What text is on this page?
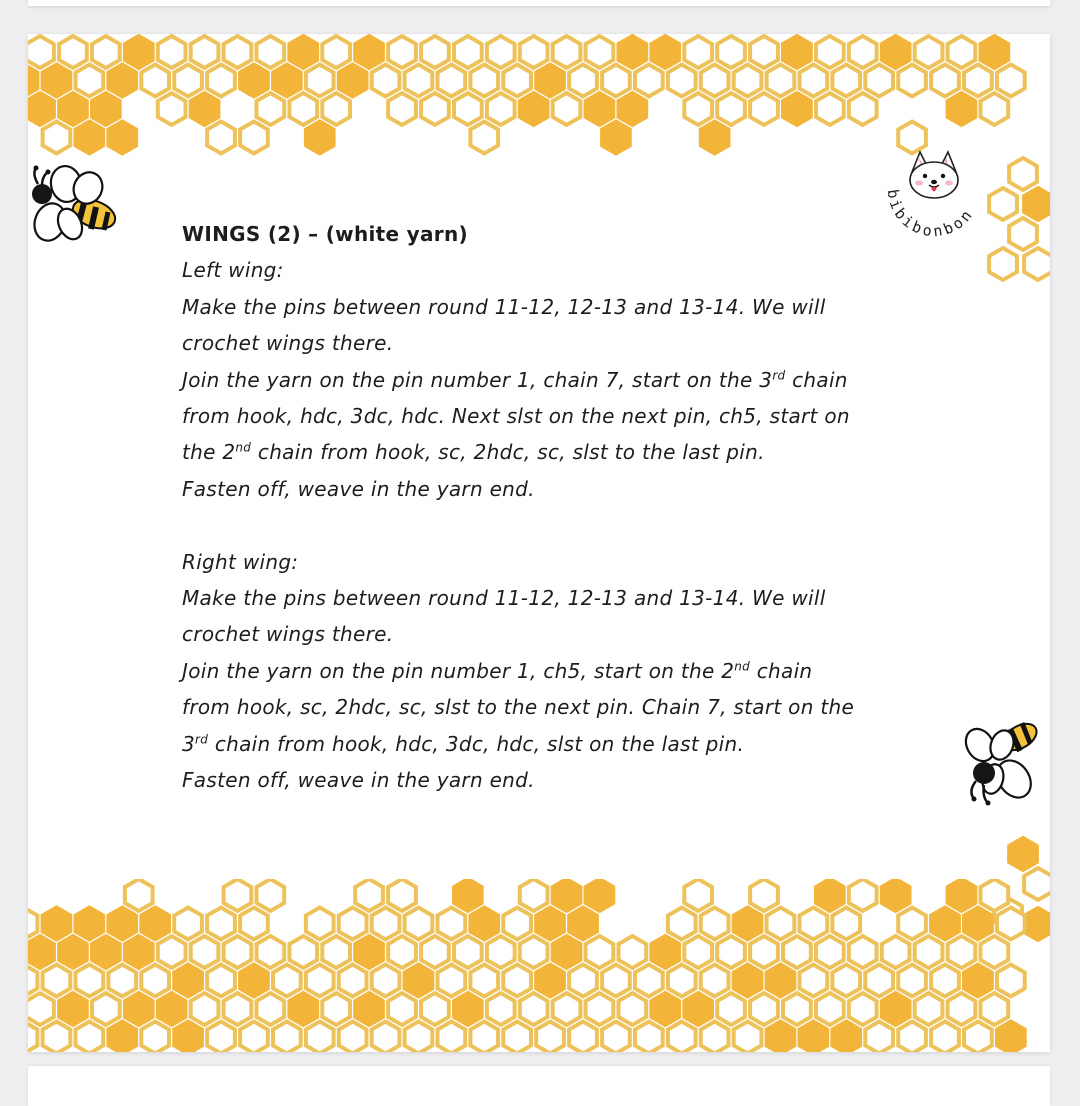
bibibonbon

WINGS (2) – (white yarn)

Left wing:

Make the pins between round 11-12, 12-13 and 13-14. We will

crochet wings there.

Join the yarn on the pin number 1, chain 7, start on the 3rd chain

from hook, hdc, 3dc, hdc. Next slst on the next pin, ch5, start on

the 2nd chain from hook, sc, 2hdc, sc, slst to the last pin.

Fasten off, weave in the yarn end.

Right wing:

Make the pins between round 11-12, 12-13 and 13-14. We will

crochet wings there.

Join the yarn on the pin number 1, ch5, start on the 2nd chain

from hook, sc, 2hdc, sc, slst to the next pin. Chain 7, start on the

3rd chain from hook, hdc, 3dc, hdc, slst on the last pin.

Fasten off, weave in the yarn end.
